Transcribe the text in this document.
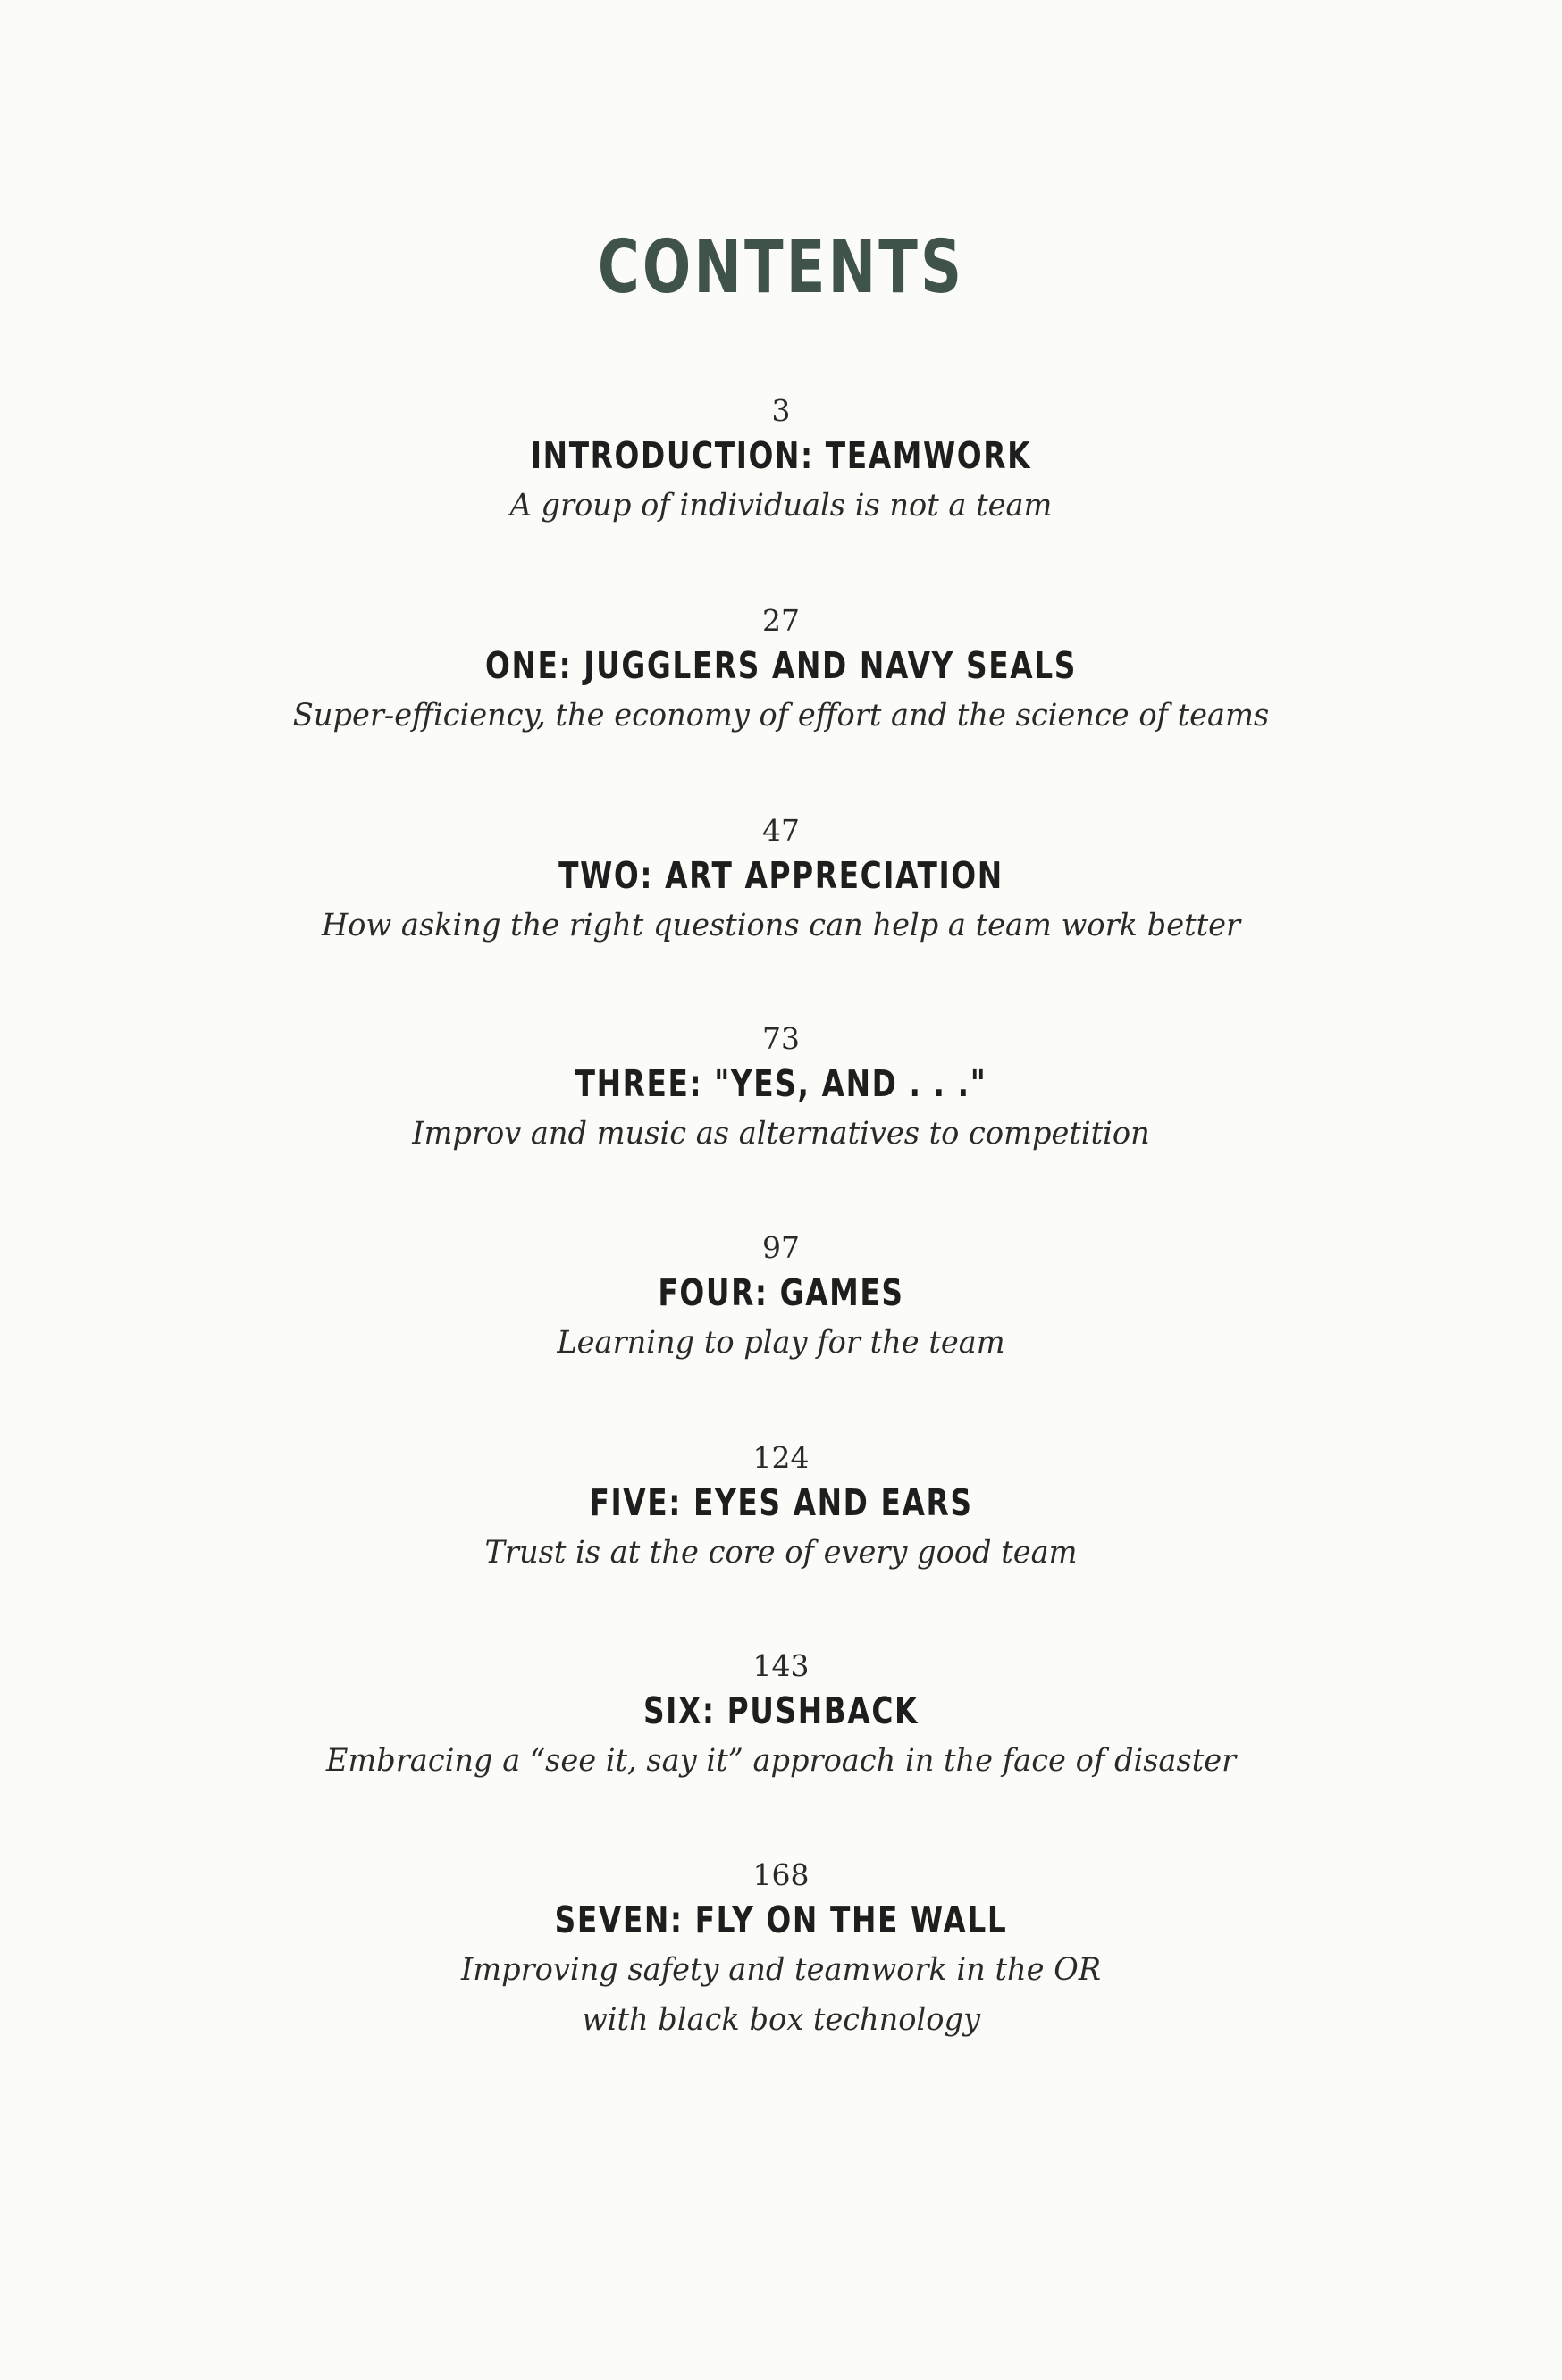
CONTENTS
3
INTRODUCTION: TEAMWORK
A group of individuals is not a team
27
ONE: JUGGLERS AND NAVY SEALS
Super-efficiency, the economy of effort and the science of teams
47
TWO: ART APPRECIATION
How asking the right questions can help a team work better
73
THREE: "YES, AND . . ."
Improv and music as alternatives to competition
97
FOUR: GAMES
Learning to play for the team
124
FIVE: EYES AND EARS
Trust is at the core of every good team
143
SIX: PUSHBACK
Embracing a “see it, say it” approach in the face of disaster
168
SEVEN: FLY ON THE WALL
Improving safety and teamwork in the OR
with black box technology
